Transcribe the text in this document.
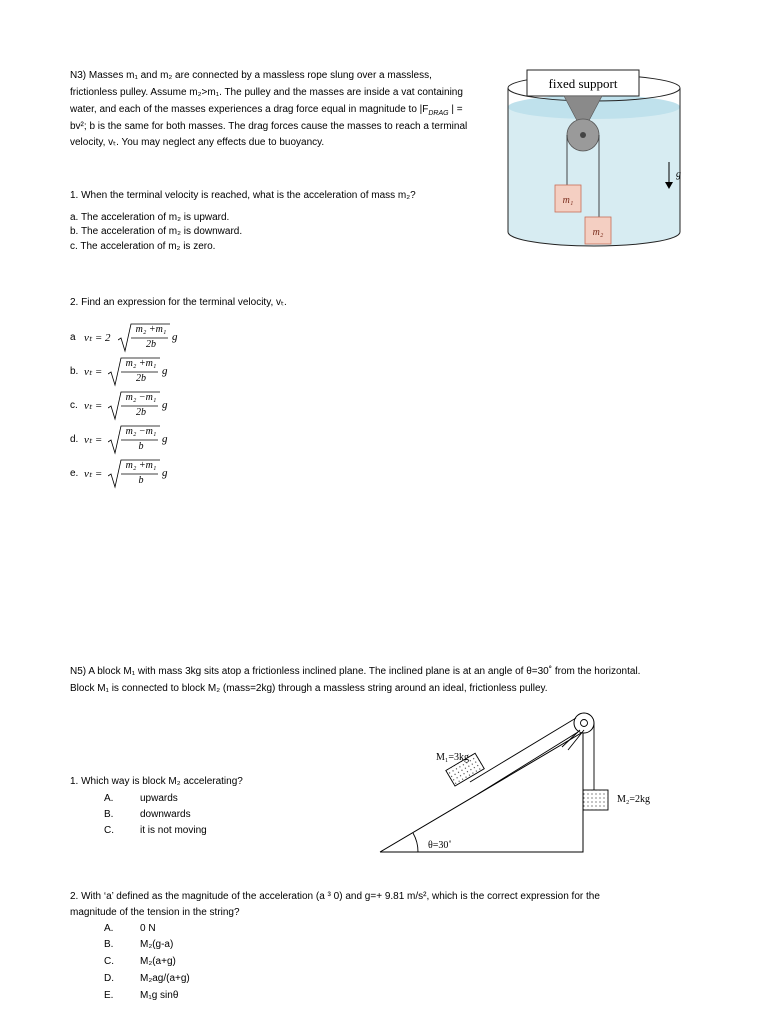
N3) Masses m₁ and m₂ are connected by a massless rope slung over a massless,
frictionless pulley. Assume m₂>m₁. The pulley and the masses are inside a vat containing
water, and each of the masses experiences a drag force equal in magnitude to $|F_{DRAG}$ | =
bv²; b is the same for both masses. The drag forces cause the masses to reach a terminal
velocity, vₜ. You may neglect any effects due to buoyancy.
1. When the terminal velocity is reached, what is the acceleration of mass m₂?
a. The acceleration of m₂ is upward.
b. The acceleration of m₂ is downward.
c. The acceleration of m₂ is zero.
2. Find an expression for the terminal velocity, vₜ.
a vₜ = 2
m₂ +m₁
2b
g
b. vₜ =
m₂ +m₁
2b
g
c. vₜ =
m₂ −m₁
2b
g
d. vₜ =
m₂ −m₁
b
g
e. vₜ =
m₂ +m₁
b
g
fixed support
m₁
m₂
g
N5) A block M₁ with mass 3kg sits atop a frictionless inclined plane. The inclined plane is at an angle of θ=30˚ from the horizontal.
Block M₁ is connected to block M₂ (mass=2kg) through a massless string around an ideal, frictionless pulley.
1. Which way is block M₂ accelerating?
A.	upwards
B.	downwards
C.	it is not moving
2. With ‘a’ defined as the magnitude of the acceleration (a ³ 0) and g=+ 9.81 m/s², which is the correct expression for the
magnitude of the tension in the string?
A.	0 N
B.	M₂(g-a)
C.	M₂(a+g)
D.	M₂ag/(a+g)
E.	M₁g sinθ
θ=30˚
M₁=3kg
M₂=2kg
